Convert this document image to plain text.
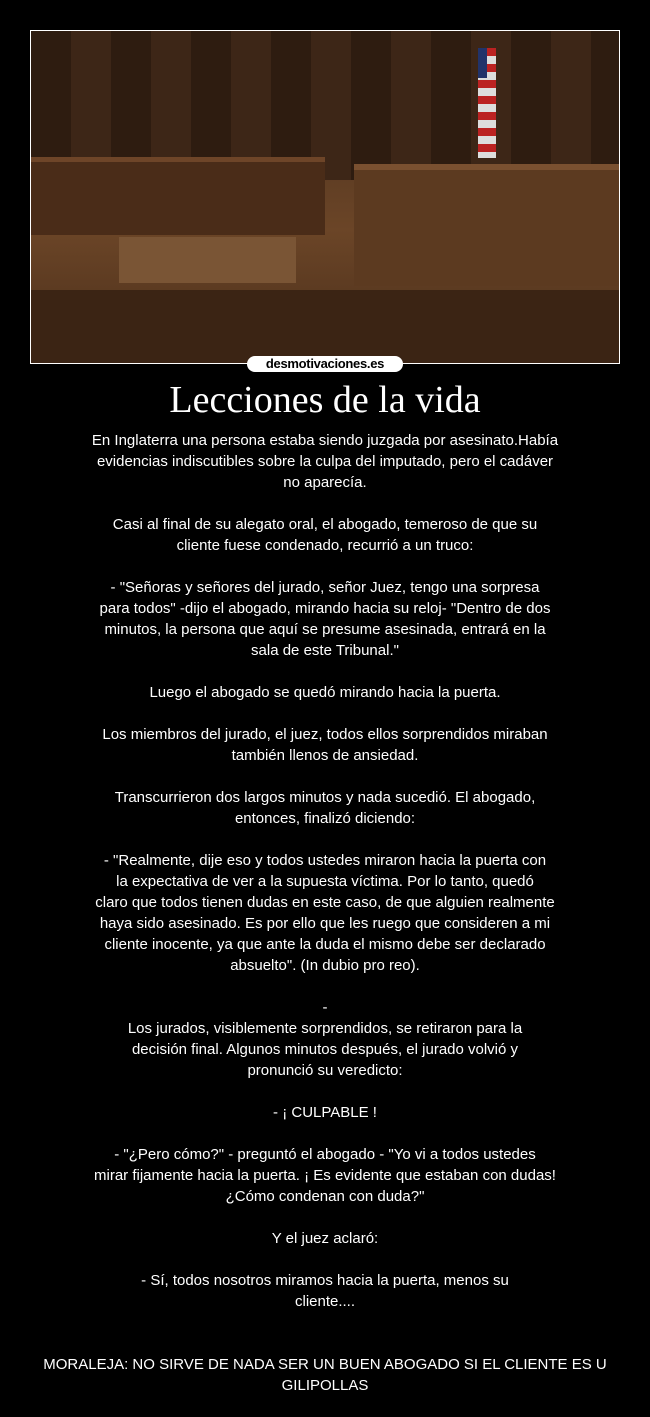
desmotivaciones.es
Lecciones de la vida
En Inglaterra una persona estaba siendo juzgada por asesinato.Había
evidencias indiscutibles sobre la culpa del imputado, pero el cadáver
no aparecía.
Casi al final de su alegato oral, el abogado, temeroso de que su
cliente fuese condenado, recurrió a un truco:
- "Señoras y señores del jurado, señor Juez, tengo una sorpresa
para todos" -dijo el abogado, mirando hacia su reloj- "Dentro de dos
minutos, la persona que aquí se presume asesinada, entrará en la
sala de este Tribunal."
Luego el abogado se quedó mirando hacia la puerta.
Los miembros del jurado, el juez, todos ellos sorprendidos miraban
también llenos de ansiedad.
Transcurrieron dos largos minutos y nada sucedió. El abogado,
entonces, finalizó diciendo:
- "Realmente, dije eso y todos ustedes miraron hacia la puerta con
la expectativa de ver a la supuesta víctima. Por lo tanto, quedó
claro que todos tienen dudas en este caso, de que alguien realmente
haya sido asesinado. Es por ello que les ruego que consideren a mi
cliente inocente, ya que ante la duda el mismo debe ser declarado
absuelto". (In dubio pro reo).
-
Los jurados, visiblemente sorprendidos, se retiraron para la
decisión final. Algunos minutos después, el jurado volvió y
pronunció su veredicto:
- ¡ CULPABLE !
- "¿Pero cómo?" - preguntó el abogado - "Yo vi a todos ustedes
mirar fijamente hacia la puerta. ¡ Es evidente que estaban con dudas!
¿Cómo condenan con duda?"
Y el juez aclaró:
- Sí, todos nosotros miramos hacia la puerta, menos su
cliente....
MORALEJA: NO SIRVE DE NADA SER UN BUEN ABOGADO SI EL CLIENTE ES U
GILIPOLLAS
